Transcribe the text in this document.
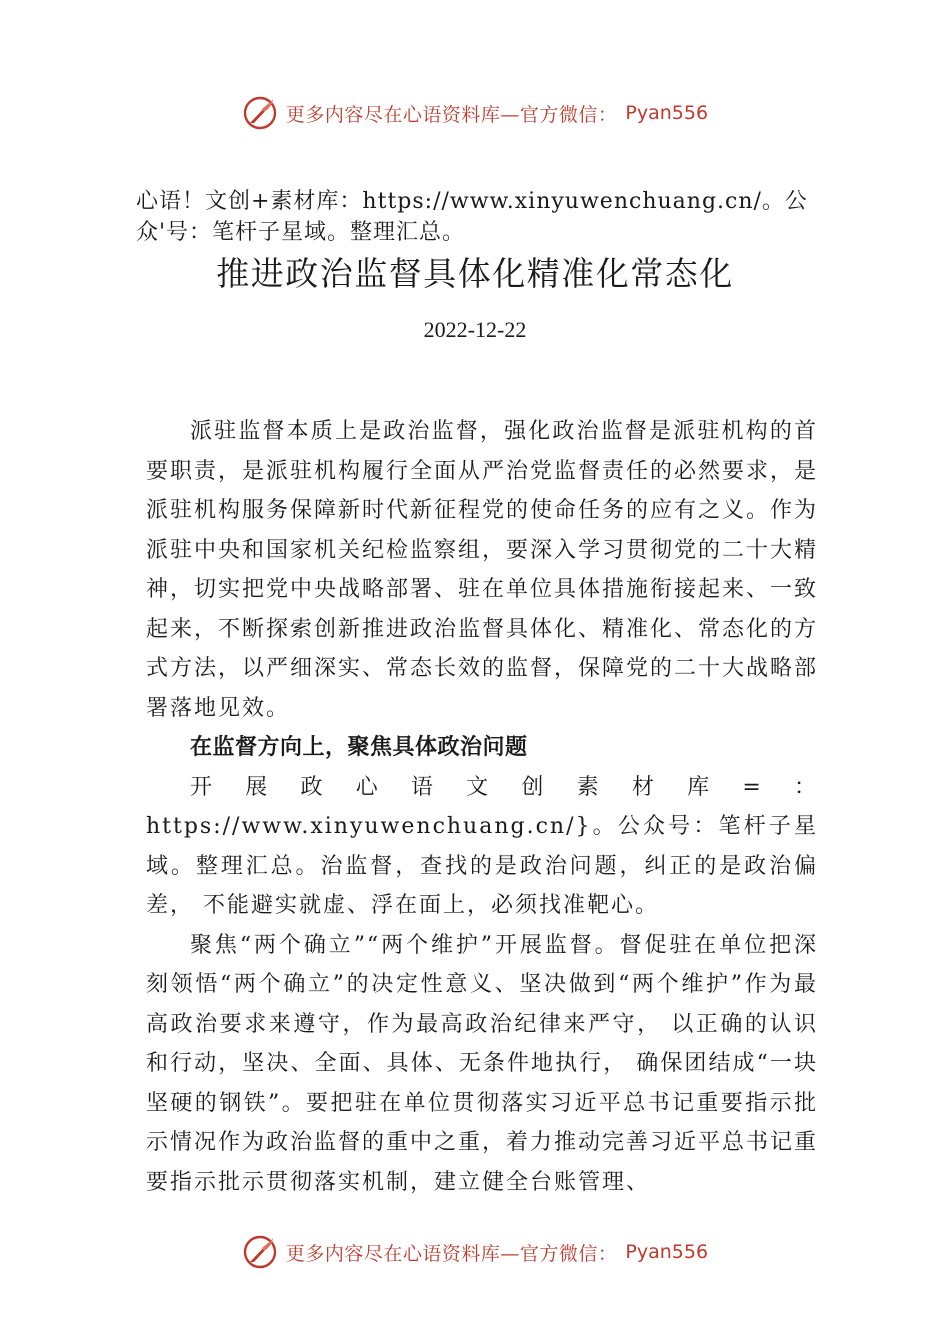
更多内容尽在心语资料库—官方微信： Pyan556
心语！文创+素材库：https://www.xinyuwenchuang.cn/。公众'号：笔杆子星域。整理汇总。
推进政治监督具体化精准化常态化
2022-12-22

派驻监督本质上是政治监督，强化政治监督是派驻机构的首要职责，是派驻机构履行全面从严治党监督责任的必然要求，是派驻机构服务保障新时代新征程党的使命任务的应有之义。作为派驻中央和国家机关纪检监察组，要深入学习贯彻党的二十大精神，切实把党中央战略部署、驻在单位具体措施衔接起来、一致起来，不断探索创新推进政治监督具体化、精准化、常态化的方式方法，以严细深实、常态长效的监督，保障党的二十大战略部署落地见效。

在监督方向上，聚焦具体政治问题

开展政心语文创素材库=：https://www.xinyuwenchuang.cn/}。公众号：笔杆子星域。整理汇总。治监督，查找的是政治问题，纠正的是政治偏差， 不能避实就虚、浮在面上，必须找准靶心。

聚焦“两个确立”“两个维护”开展监督。督促驻在单位把深刻领悟“两个确立”的决定性意义、坚决做到“两个维护”作为最高政治要求来遵守，作为最高政治纪律来严守， 以正确的认识和行动，坚决、全面、具体、无条件地执行， 确保团结成“一块坚硬的钢铁”。要把驻在单位贯彻落实习近平总书记重要指示批示情况作为政治监督的重中之重，着力推动完善习近平总书记重要指示批示贯彻落实机制，建立健全台账管理、

更多内容尽在心语资料库—官方微信： Pyan556
